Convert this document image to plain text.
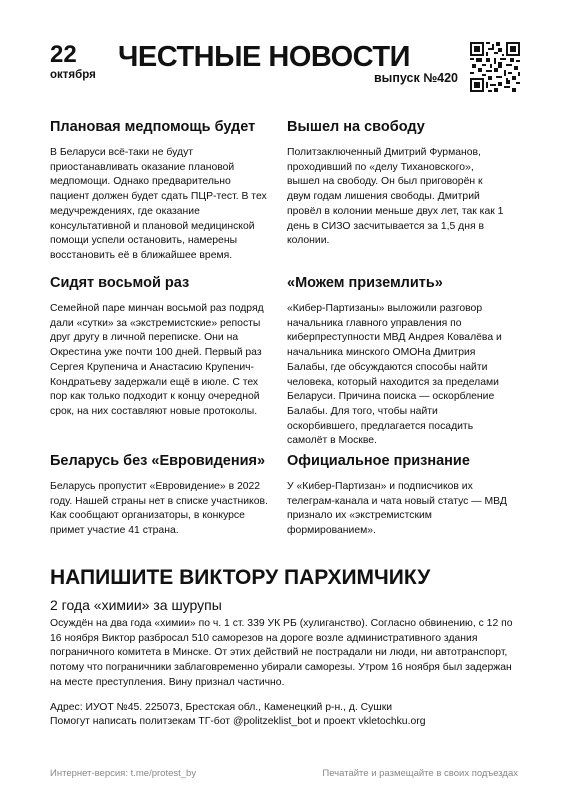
22
октября
ЧЕСТНЫЕ НОВОСТИ
выпуск №420
Плановая медпомощь будет

В Беларуси всё-таки не будут приостанавливать оказание плановой медпомощи. Однако предварительно пациент должен будет сдать ПЦР-тест. В тех медучреждениях, где оказание консультативной и плановой медицинской помощи успели остановить, намерены восстановить её в ближайшее время.

Вышел на свободу

Политзаключенный Дмитрий Фурманов, проходивший по «делу Тихановского», вышел на свободу. Он был приговорён к двум годам лишения свободы. Дмитрий провёл в колонии меньше двух лет, так как 1 день в СИЗО засчитывается за 1,5 дня в колонии.

Сидят восьмой раз

Семейной паре минчан восьмой раз подряд дали «сутки» за «экстремистские» репосты друг другу в личной переписке. Они на Окрестина уже почти 100 дней. Первый раз Сергея Крупенича и Анастасию Крупенич-Кондратьеву задержали ещё в июле. С тех пор как только подходит к концу очередной срок, на них составляют новые протоколы.

«Можем приземлить»

«Кибер-Партизаны» выложили разговор начальника главного управления по киберпреступности МВД Андрея Ковалёва и начальника минского ОМОНа Дмитрия Балабы, где обсуждаются способы найти человека, который находится за пределами Беларуси. Причина поиска — оскорбление Балабы. Для того, чтобы найти оскорбившего, предлагается посадить самолёт в Москве.

Беларусь без «Евровидения»

Беларусь пропустит «Евровидение» в 2022 году. Нашей страны нет в списке участников. Как сообщают организаторы, в конкурсе примет участие 41 страна.

Официальное признание

У «Кибер-Партизан» и подписчиков их телеграм-канала и чата новый статус — МВД признало их «экстремистским формированием».

НАПИШИТЕ ВИКТОРУ ПАРХИМЧИКУ
2 года «химии» за шурупы

Осуждён на два года «химии» по ч. 1 ст. 339 УК РБ (хулиганство). Согласно обвинению, с 12 по 16 ноября Виктор разбросал 510 саморезов на дороге возле административного здания пограничного комитета в Минске. От этих действий не пострадали ни люди, ни автотранспорт, потому что пограничники заблаговременно убирали саморезы. Утром 16 ноября был задержан на месте преступления. Вину признал частично.

Адрес: ИУОТ №45. 225073, Брестская обл., Каменецкий р-н., д. Сушки
Помогут написать политзекам ТГ-бот @politzeklist_bot и проект vkletochku.org

Интернет-версия: t.me/protest_by	Печатайте и размещайте в своих подъездах
